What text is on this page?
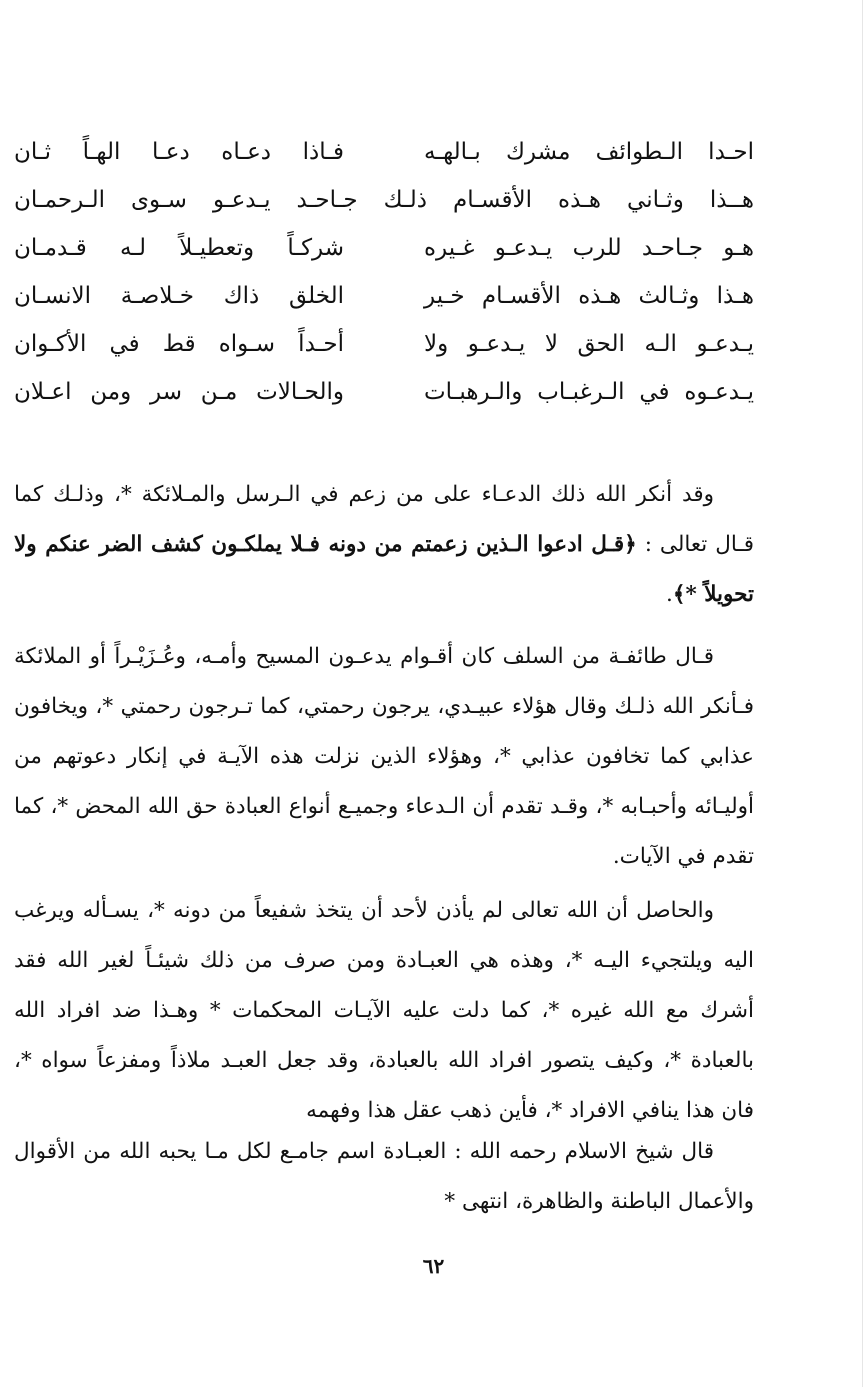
احـدا الـطوائف مشرك بـالهـه
فـاذا دعـاه دعـا الهـاً ثـان
هــذا وثـاني هـذه الأقسـام ذلـك جـاحـد يـدعـو سـوى الـرحمـان
هـو جـاحـد للرب يـدعـو غـيره
شركـاً وتعطيـلاً لـه قـدمـان
هـذا وثـالث هـذه الأقسـام خـير
الخلق ذاك خـلاصـة الانسـان
يـدعـو الـه الحق لا يـدعـو ولا
أحـداً سـواه قط في الأكـوان
يـدعـوه في الـرغبـاب والـرهبـات
والحـالات مـن سر ومن اعـلان

وقد أنكر الله ذلك الدعـاء على من زعم في الـرسل والمـلائكة *، وذلـك كما قـال تعالى : ﴿قـل ادعوا الـذين زعمتم من دونه فـلا يملكـون كشف الضر عنكم ولا تحويلاً *﴾.

قـال طائفـة من السلف كان أقـوام يدعـون المسيح وأمـه، وعُـزَيْـراً أو الملائكة فـأنكر الله ذلـك وقال هؤلاء عبيـدي، يرجون رحمتي، كما تـرجون رحمتي *، ويخافون عذابي كما تخافون عذابي *، وهؤلاء الذين نزلت هذه الآيـة في إنكار دعوتهم من أوليـائه وأحبـابه *، وقـد تقدم أن الـدعاء وجميـع أنواع العبادة حق الله المحض *، كما تقدم في الآيات.

والحاصل أن الله تعالى لم يأذن لأحد أن يتخذ شفيعاً من دونه *، يسـأله ويرغب اليه ويلتجيء اليـه *، وهذه هي العبـادة ومن صرف من ذلك شيئـاً لغير الله فقد أشرك مع الله غيره *، كما دلت عليه الآيـات المحكمات * وهـذا ضد افراد الله بالعبادة *، وكيف يتصور افراد الله بالعبادة، وقد جعل العبـد ملاذاً ومفزعاً سواه *، فان هذا ينافي الافراد *، فأين ذهب عقل هذا وفهمه

قال شيخ الاسلام رحمه الله : العبـادة اسم جامـع لكل مـا يحبه الله من الأقوال والأعمال الباطنة والظاهرة، انتهى *

٦٢
